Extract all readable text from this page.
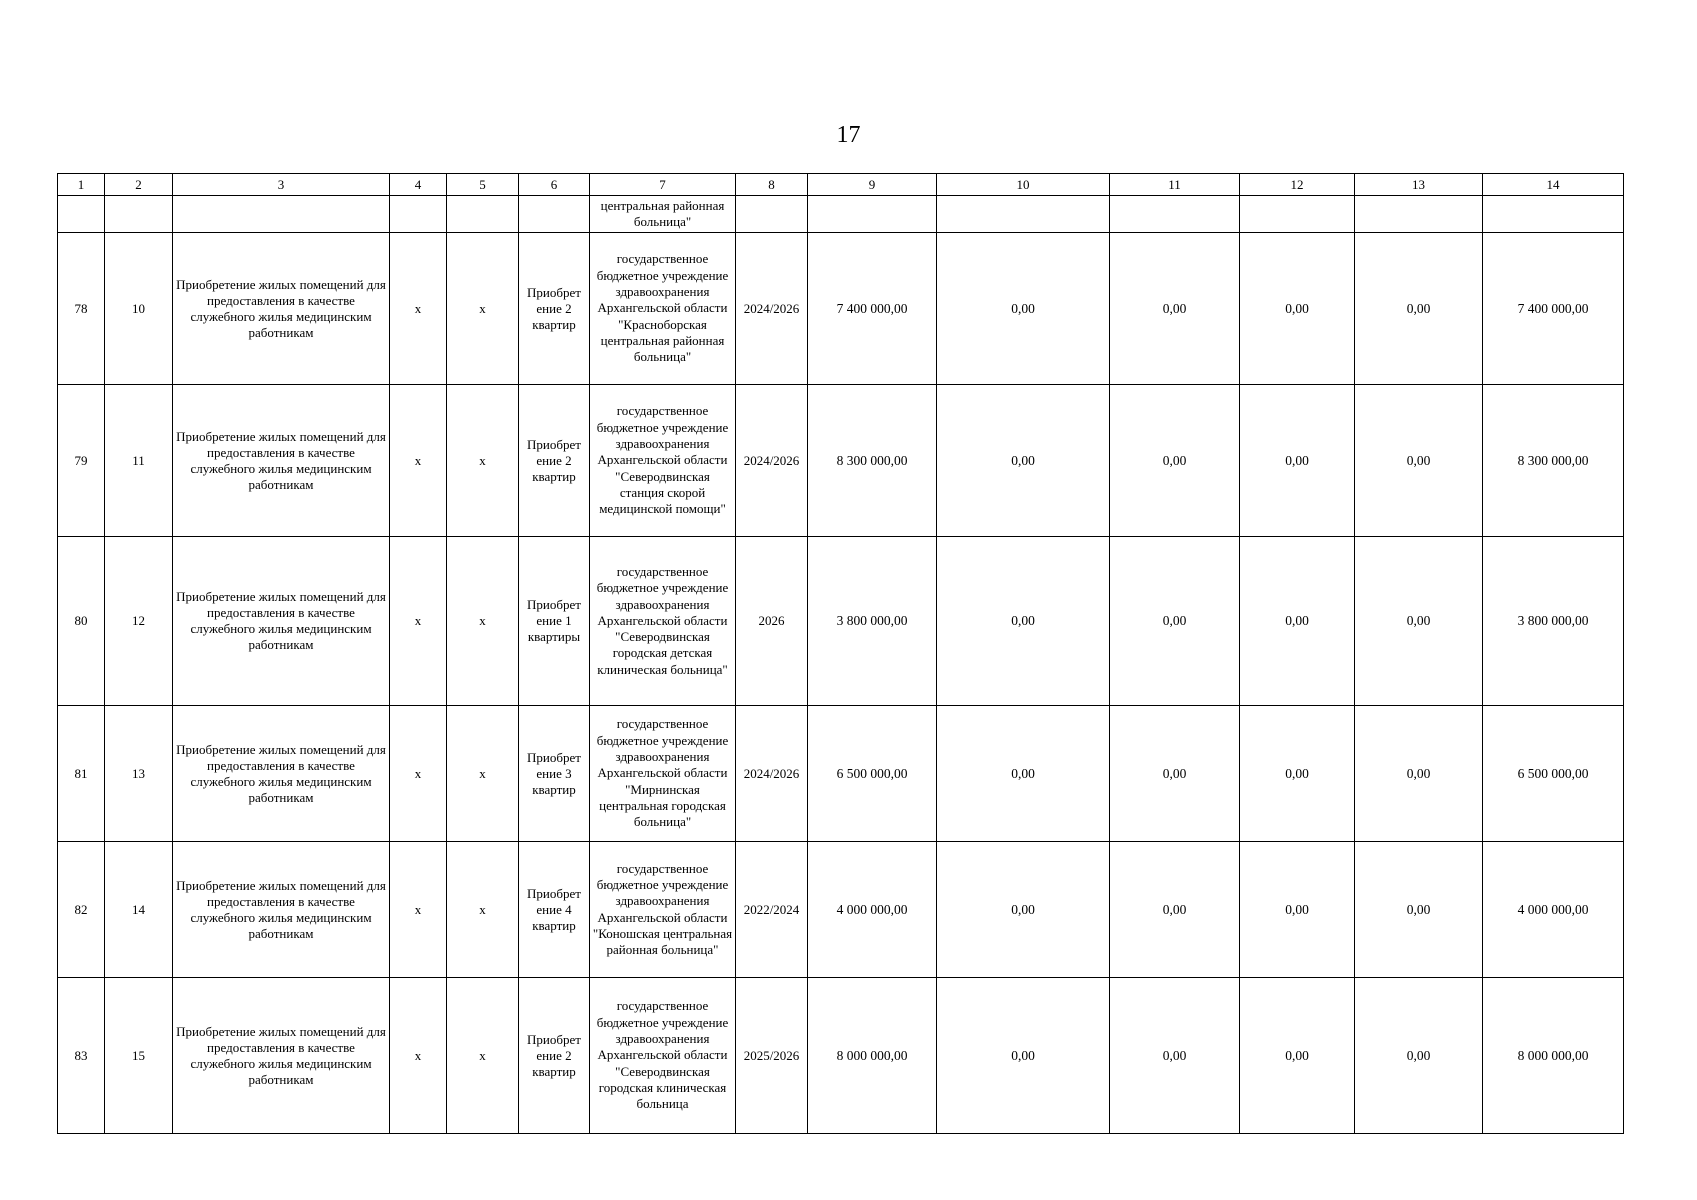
17
1	2	3	4	5	6	7	8	9	10	11	12	13	14
						центральная районная больница"							
78	10	Приобретение жилых помещений для предоставления в качестве служебного жилья медицинским работникам	х	х	Приобрет ение 2 квартир	государственное бюджетное учреждение здравоохранения Архангельской области "Красноборская центральная районная больница"	2024/2026	7 400 000,00	0,00	0,00	0,00	0,00	7 400 000,00
79	11	Приобретение жилых помещений для предоставления в качестве служебного жилья медицинским работникам	х	х	Приобрет ение 2 квартир	государственное бюджетное учреждение здравоохранения Архангельской области "Северодвинская станция скорой медицинской помощи"	2024/2026	8 300 000,00	0,00	0,00	0,00	0,00	8 300 000,00
80	12	Приобретение жилых помещений для предоставления в качестве служебного жилья медицинским работникам	х	х	Приобрет ение 1 квартиры	государственное бюджетное учреждение здравоохранения Архангельской области "Северодвинская городская детская клиническая больница"	2026	3 800 000,00	0,00	0,00	0,00	0,00	3 800 000,00
81	13	Приобретение жилых помещений для предоставления в качестве служебного жилья медицинским работникам	х	х	Приобрет ение 3 квартир	государственное бюджетное учреждение здравоохранения Архангельской области "Мирнинская центральная городская больница"	2024/2026	6 500 000,00	0,00	0,00	0,00	0,00	6 500 000,00
82	14	Приобретение жилых помещений для предоставления в качестве служебного жилья медицинским работникам	х	х	Приобрет ение 4 квартир	государственное бюджетное учреждение здравоохранения Архангельской области "Коношская центральная районная больница"	2022/2024	4 000 000,00	0,00	0,00	0,00	0,00	4 000 000,00
83	15	Приобретение жилых помещений для предоставления в качестве служебного жилья медицинским работникам	х	х	Приобрет ение 2 квартир	государственное бюджетное учреждение здравоохранения Архангельской области "Северодвинская городская клиническая больница	2025/2026	8 000 000,00	0,00	0,00	0,00	0,00	8 000 000,00
